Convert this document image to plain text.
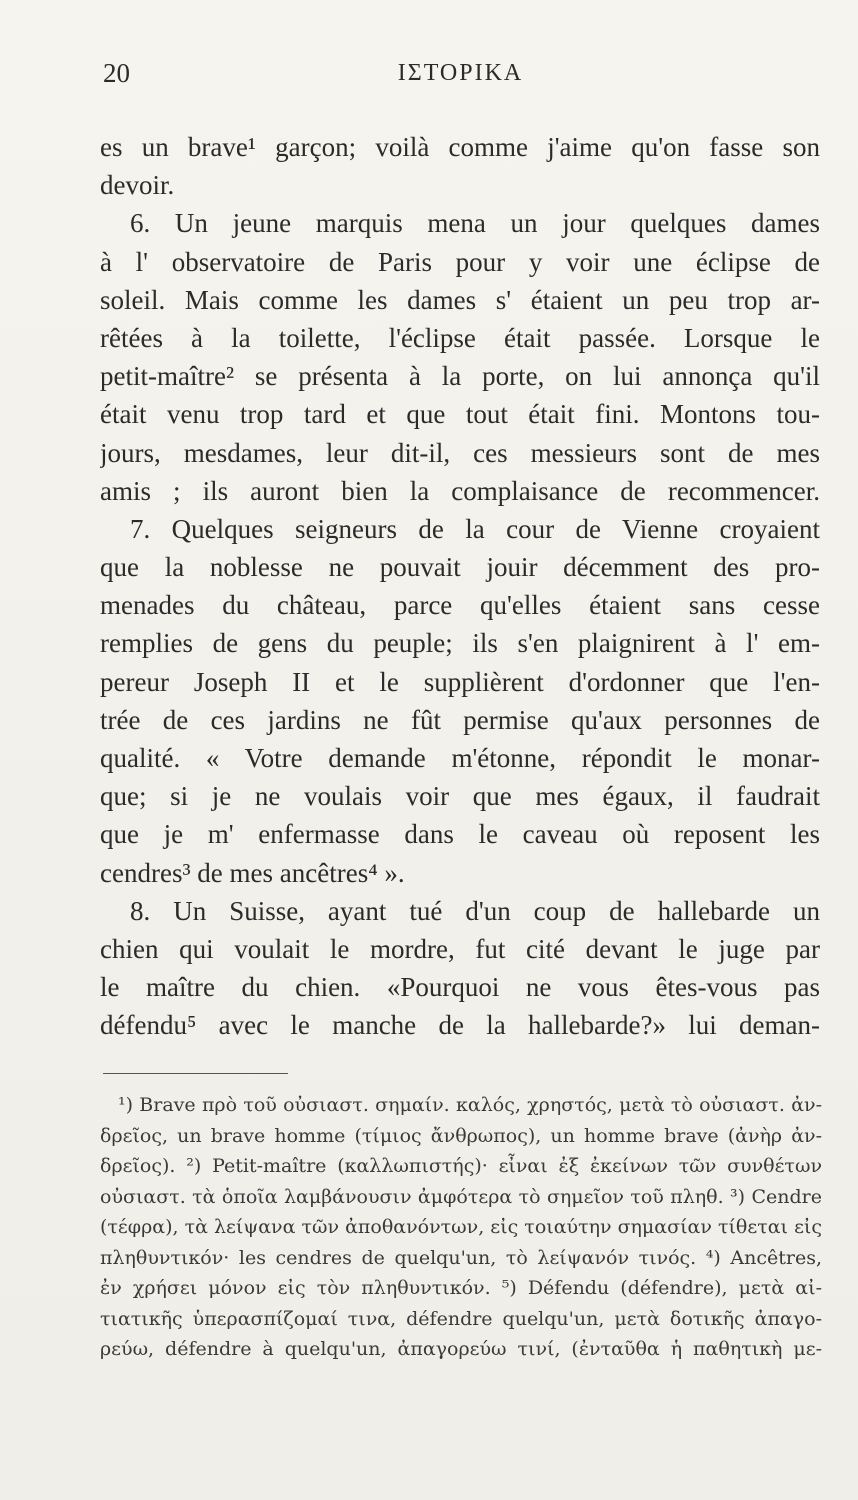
20	ΙΣΤΟΡΙΚΑ
es un brave¹ garçon; voilà comme j'aime qu'on fasse son
devoir.
6. Un jeune marquis mena un jour quelques dames
à l' observatoire de Paris pour y voir une éclipse de
soleil. Mais comme les dames s' étaient un peu trop ar-
rêtées à la toilette, l'éclipse était passée. Lorsque le
petit-maître² se présenta à la porte, on lui annonça qu'il
était venu trop tard et que tout était fini. Montons tou-
jours, mesdames, leur dit-il, ces messieurs sont de mes
amis ; ils auront bien la complaisance de recommencer.
7. Quelques seigneurs de la cour de Vienne croyaient
que la noblesse ne pouvait jouir décemment des pro-
menades du château, parce qu'elles étaient sans cesse
remplies de gens du peuple; ils s'en plaignirent à l' em-
pereur Joseph II et le supplièrent d'ordonner que l'en-
trée de ces jardins ne fût permise qu'aux personnes de
qualité. « Votre demande m'étonne, répondit le monar-
que; si je ne voulais voir que mes égaux, il faudrait
que je m' enfermasse dans le caveau où reposent les
cendres³ de mes ancêtres⁴ ».
8. Un Suisse, ayant tué d'un coup de hallebarde un
chien qui voulait le mordre, fut cité devant le juge par
le maître du chien. «Pourquoi ne vous êtes-vous pas
défendu⁵ avec le manche de la hallebarde?» lui deman-
¹) Brave πρὸ τοῦ οὐσιαστ. σημαίν. καλός, χρηστός, μετὰ τὸ οὐσιαστ. ἀν-
δρεῖος, un brave homme (τίμιος ἄνθρωπος), un homme brave (ἀνὴρ ἀν-
δρεῖος). ²) Petit-maître (καλλωπιστής)· εἶναι ἐξ ἐκείνων τῶν συνθέτων
οὐσιαστ. τὰ ὁποῖα λαμβάνουσιν ἀμφότερα τὸ σημεῖον τοῦ πληθ. ³) Cendre
(τέφρα), τὰ λείψανα τῶν ἀποθανόντων, εἰς τοιαύτην σημασίαν τίθεται εἰς
πληθυντικόν· les cendres de quelqu'un, τὸ λείψανόν τινός. ⁴) Ancêtres,
ἐν χρήσει μόνον εἰς τὸν πληθυντικόν. ⁵) Défendu (défendre), μετὰ αἰ-
τιατικῆς ὑπερασπίζομαί τινα, défendre quelqu'un, μετὰ δοτικῆς ἀπαγο-
ρεύω, défendre à quelqu'un, ἀπαγορεύω τινί, (ἐνταῦθα ἡ παθητικὴ με-
